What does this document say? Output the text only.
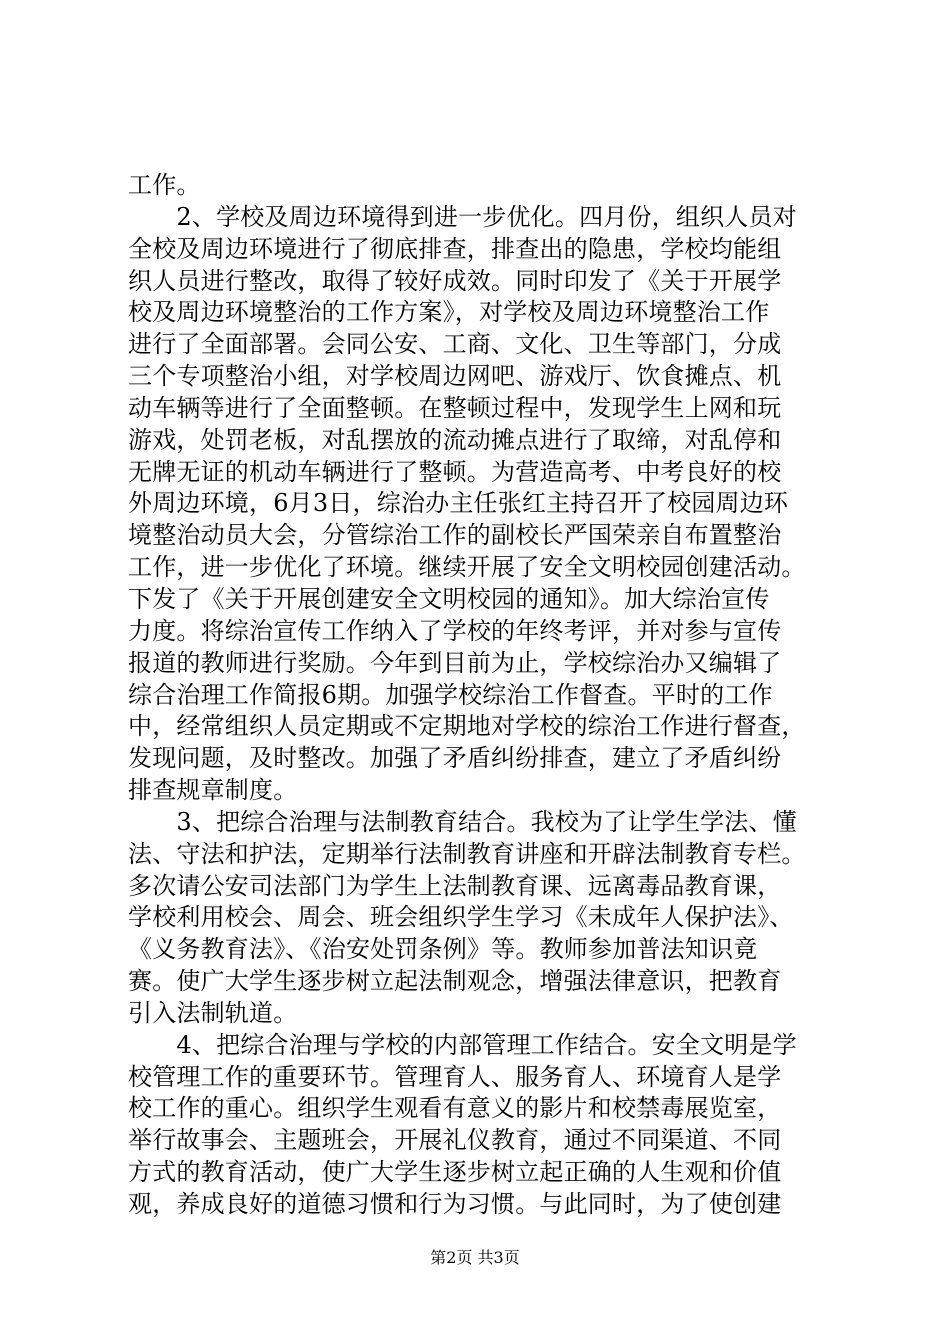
工作。
　　2、学校及周边环境得到进一步优化。四月份，组织人员对
全校及周边环境进行了彻底排查，排查出的隐患，学校均能组
织人员进行整改，取得了较好成效。同时印发了《关于开展学
校及周边环境整治的工作方案》，对学校及周边环境整治工作
进行了全面部署。会同公安、工商、文化、卫生等部门，分成
三个专项整治小组，对学校周边网吧、游戏厅、饮食摊点、机
动车辆等进行了全面整顿。在整顿过程中，发现学生上网和玩
游戏，处罚老板，对乱摆放的流动摊点进行了取缔，对乱停和
无牌无证的机动车辆进行了整顿。为营造高考、中考良好的校
外周边环境，6月3日，综治办主任张红主持召开了校园周边环
境整治动员大会，分管综治工作的副校长严国荣亲自布置整治
工作，进一步优化了环境。继续开展了安全文明校园创建活动。
下发了《关于开展创建安全文明校园的通知》。加大综治宣传
力度。将综治宣传工作纳入了学校的年终考评，并对参与宣传
报道的教师进行奖励。今年到目前为止，学校综治办又编辑了
综合治理工作简报6期。加强学校综治工作督查。平时的工作
中，经常组织人员定期或不定期地对学校的综治工作进行督查，
发现问题，及时整改。加强了矛盾纠纷排查，建立了矛盾纠纷
排查规章制度。
　　3、把综合治理与法制教育结合。我校为了让学生学法、懂
法、守法和护法，定期举行法制教育讲座和开辟法制教育专栏。
多次请公安司法部门为学生上法制教育课、远离毒品教育课，
学校利用校会、周会、班会组织学生学习《未成年人保护法》、
《义务教育法》、《治安处罚条例》等。教师参加普法知识竟
赛。使广大学生逐步树立起法制观念，增强法律意识，把教育
引入法制轨道。
　　4、把综合治理与学校的内部管理工作结合。安全文明是学
校管理工作的重要环节。管理育人、服务育人、环境育人是学
校工作的重心。组织学生观看有意义的影片和校禁毒展览室，
举行故事会、主题班会，开展礼仪教育，通过不同渠道、不同
方式的教育活动，使广大学生逐步树立起正确的人生观和价值
观，养成良好的道德习惯和行为习惯。与此同时，为了使创建
第2页 共3页
